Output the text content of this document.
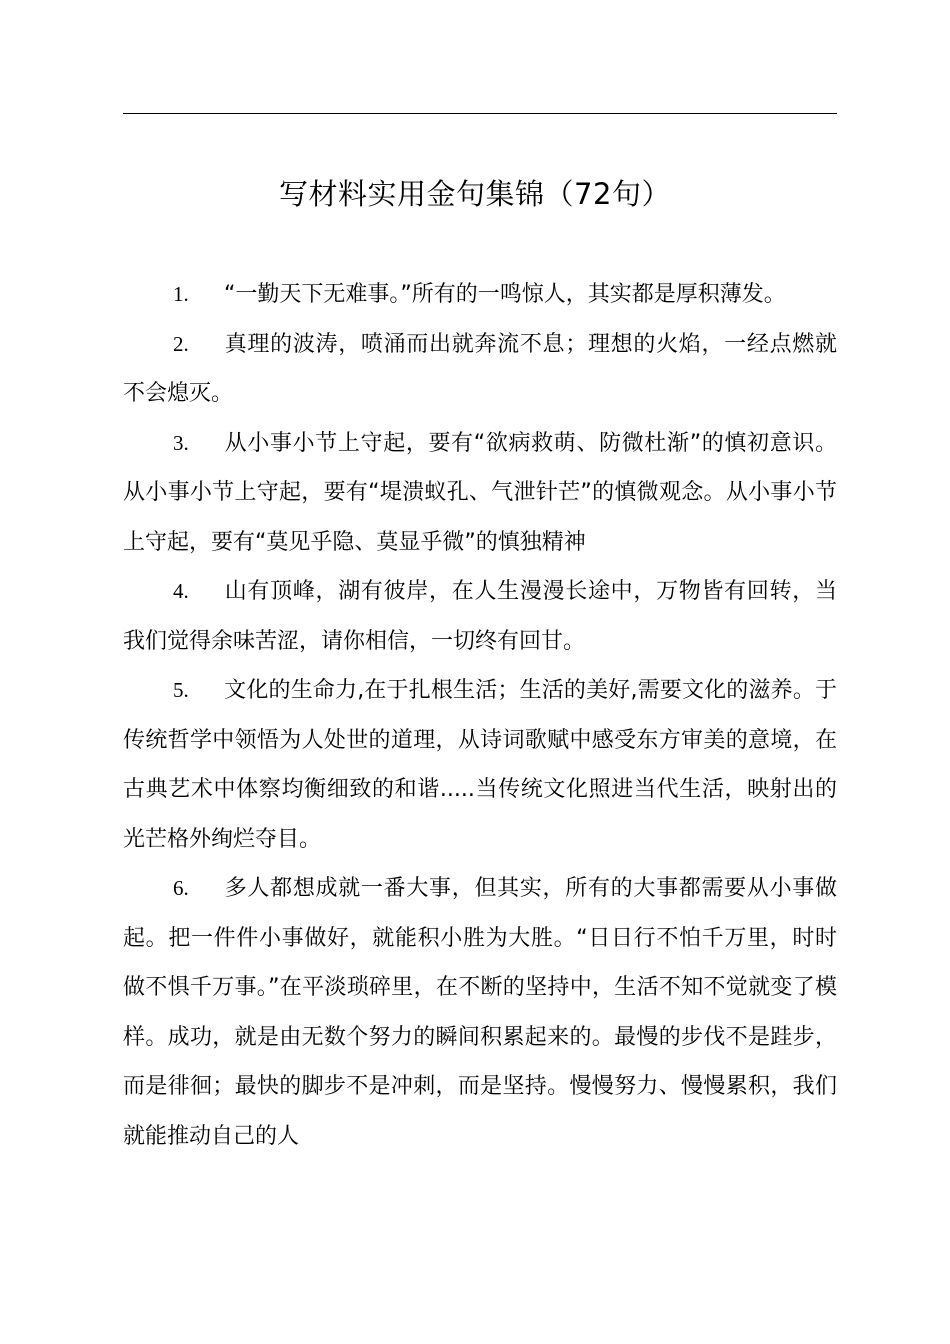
写材料实用金句集锦（72句）

1. “一勤天下无难事。”所有的一鸣惊人，其实都是厚积薄发。

2. 真理的波涛，喷涌而出就奔流不息；理想的火焰，一经点燃就不会熄灭。

3. 从小事小节上守起，要有“欲病救萌、防微杜渐”的慎初意识。从小事小节上守起，要有“堤溃蚁孔、气泄针芒”的慎微观念。从小事小节上守起，要有“莫见乎隐、莫显乎微”的慎独精神

4. 山有顶峰，湖有彼岸，在人生漫漫长途中，万物皆有回转，当我们觉得余味苦涩，请你相信，一切终有回甘。

5. 文化的生命力,在于扎根生活；生活的美好,需要文化的滋养。于传统哲学中领悟为人处世的道理，从诗词歌赋中感受东方审美的意境，在古典艺术中体察均衡细致的和谐.....当传统文化照进当代生活，映射出的光芒格外绚烂夺目。

6. 多人都想成就一番大事，但其实，所有的大事都需要从小事做起。把一件件小事做好，就能积小胜为大胜。“日日行不怕千万里，时时做不惧千万事。”在平淡琐碎里，在不断的坚持中，生活不知不觉就变了模样。成功，就是由无数个努力的瞬间积累起来的。最慢的步伐不是跬步，而是徘徊；最快的脚步不是冲刺，而是坚持。慢慢努力、慢慢累积，我们就能推动自己的人
